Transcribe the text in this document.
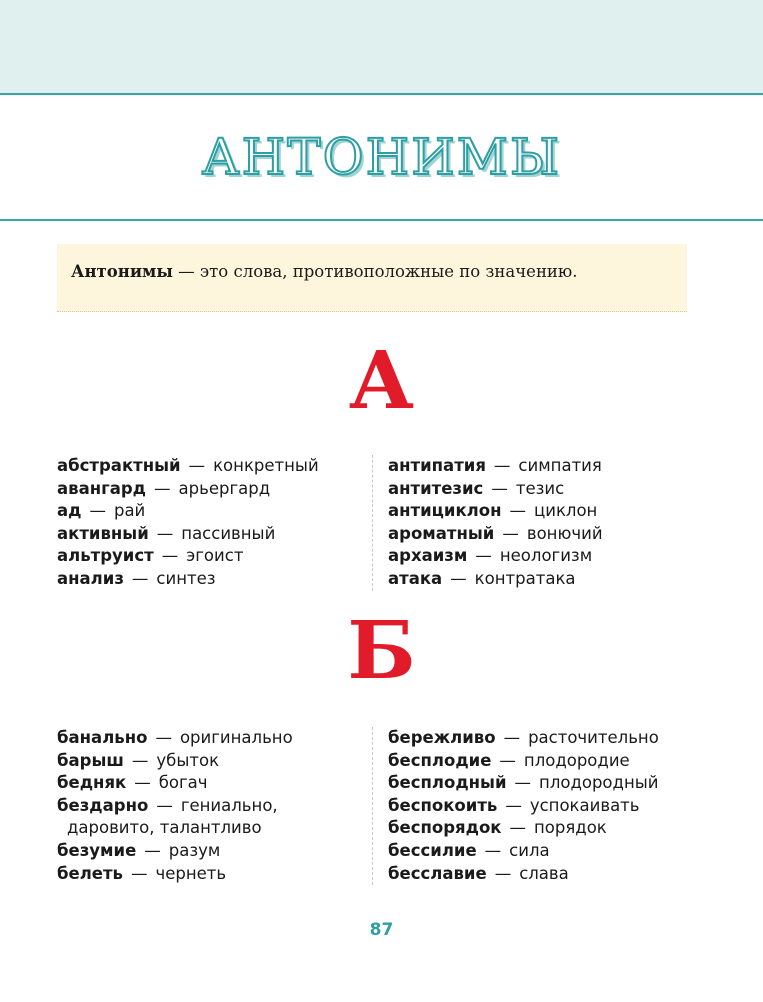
АНТОНИМЫ
Антонимы — это слова, противоположные по значению.
А
абстрактный — конкретный
авангард — арьергард
ад — рай
активный — пассивный
альтруист — эгоист
анализ — синтез
антипатия — симпатия
антитезис — тезис
антициклон — циклон
ароматный — вонючий
архаизм — неологизм
атака — контратака
Б
банально — оригинально
барыш — убыток
бедняк — богач
бездарно — гениально,
даровито, талантливо
безумие — разум
белеть — чернеть
бережливо — расточительно
бесплодие — плодородие
бесплодный — плодородный
беспокоить — успокаивать
беспорядок — порядок
бессилие — сила
бесславие — слава
87
